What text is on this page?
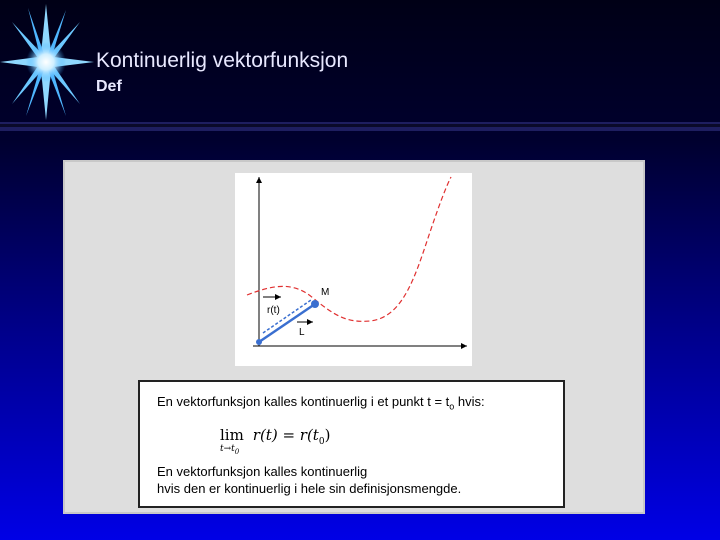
Kontinuerlig vektorfunksjon
Def
M
r(t)
L
En vektorfunksjon kalles kontinuerlig i et punkt $t = t_o$ hvis:
lim
$t\to t_0$
$r(t) = r(t_0)$
En vektorfunksjon kalles kontinuerlig
hvis den er kontinuerlig i hele sin definisjonsmengde.
